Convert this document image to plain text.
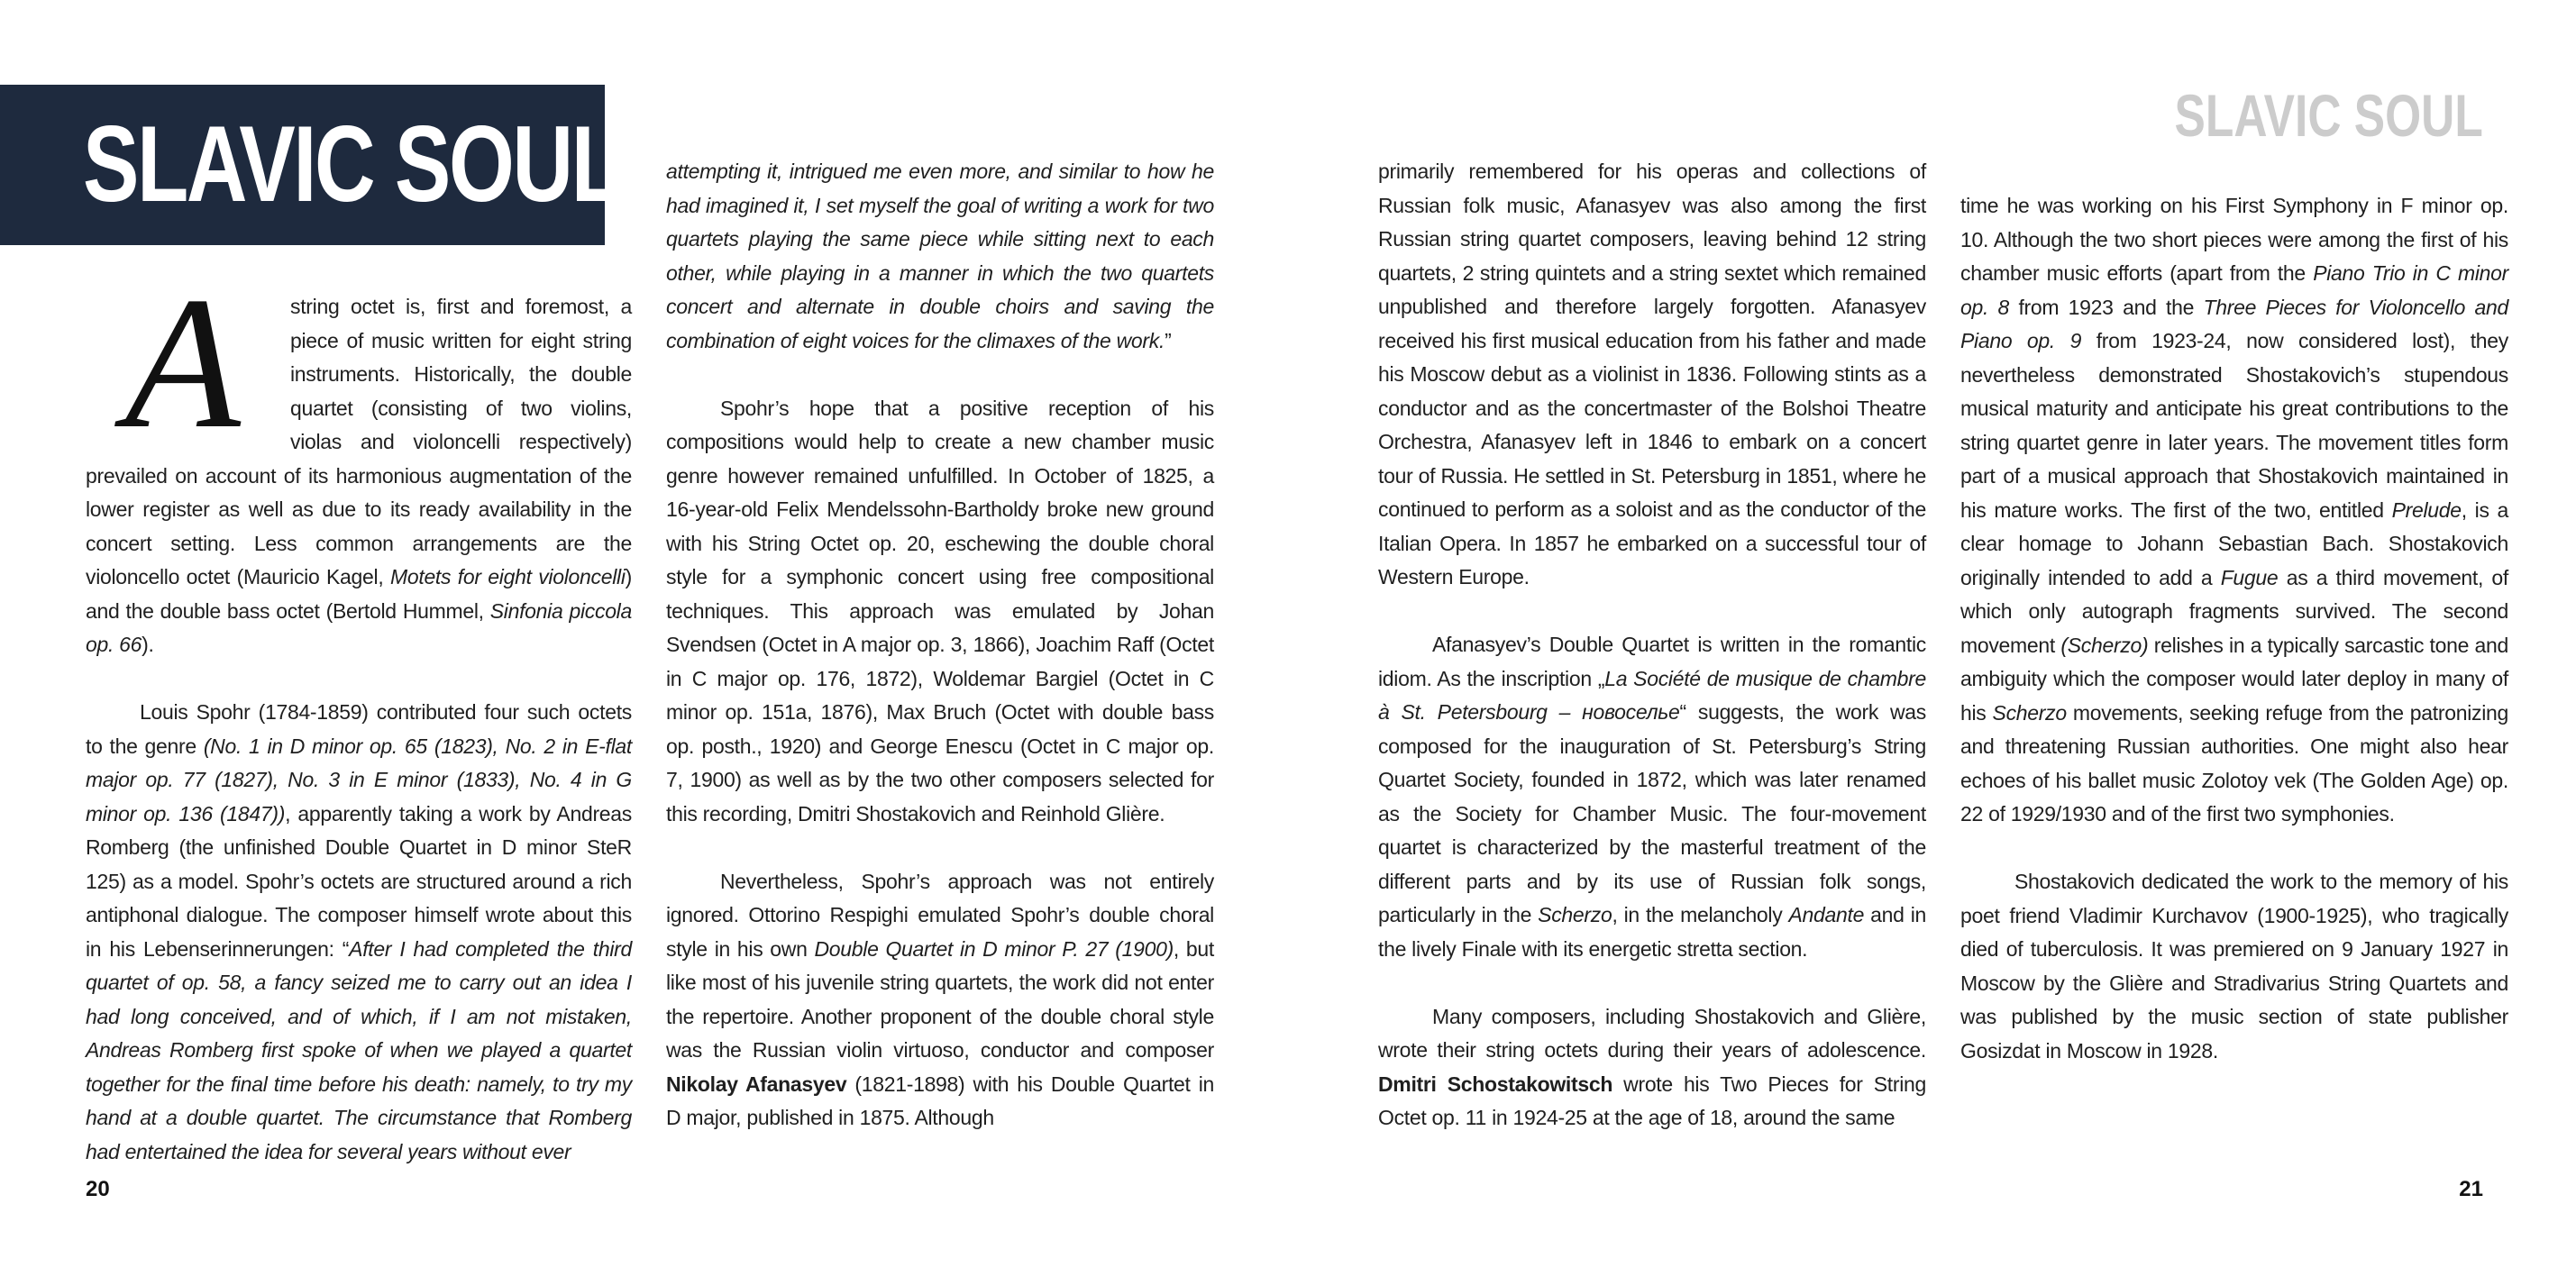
SLAVIC SOUL
A	string octet is, first and foremost, a piece of music written for eight string instruments. Historically, the double quartet (consisting of two violins, violas and violoncelli respectively) prevailed on account of its harmonious augmentation of the lower register as well as due to its ready availability in the concert setting. Less common arrangements are the violoncello octet (Mauricio Kagel, Motets for eight violoncelli) and the double bass octet (Bertold Hummel, Sinfonia piccola op. 66).

Louis Spohr (1784-1859) contributed four such octets to the genre (No. 1 in D minor op. 65 (1823), No. 2 in E-flat major op. 77 (1827), No. 3 in E minor (1833), No. 4 in G minor op. 136 (1847)), apparently taking a work by Andreas Romberg (the unfinished Double Quartet in D minor SteR 125) as a model. Spohr’s octets are structured around a rich antiphonal dialogue. The composer himself wrote about this in his Lebenserinnerungen: “After I had completed the third quartet of op. 58, a fancy seized me to carry out an idea I had long conceived, and of which, if I am not mistaken, Andreas Romberg first spoke of when we played a quartet together for the final time before his death: namely, to try my hand at a double quartet. The circumstance that Romberg had entertained the idea for several years without ever

attempting it, intrigued me even more, and similar to how he had imagined it, I set myself the goal of writing a work for two quartets playing the same piece while sitting next to each other, while playing in a manner in which the two quartets concert and alternate in double choirs and saving the combination of eight voices for the climaxes of the work.”

Spohr’s hope that a positive reception of his compositions would help to create a new chamber music genre however remained unfulfilled. In October of 1825, a 16-year-old Felix Mendelssohn-Bartholdy broke new ground with his String Octet op. 20, eschewing the double choral style for a symphonic concert using free compositional techniques. This approach was emulated by Johan Svendsen (Octet in A major op. 3, 1866), Joachim Raff (Octet in C major op. 176, 1872), Woldemar Bargiel (Octet in C minor op. 151a, 1876), Max Bruch (Octet with double bass op. posth., 1920) and George Enescu (Octet in C major op. 7, 1900) as well as by the two other composers selected for this recording, Dmitri Shostakovich and Reinhold Glière.

Nevertheless, Spohr’s approach was not entirely ignored. Ottorino Respighi emulated Spohr’s double choral style in his own Double Quartet in D minor P. 27 (1900), but like most of his juvenile string quartets, the work did not enter the repertoire. Another proponent of the double choral style was the Russian violin virtuoso, conductor and composer Nikolay Afanasyev (1821-1898) with his Double Quartet in D major, published in 1875. Although

20
SLAVIC SOUL

primarily remembered for his operas and collections of Russian folk music, Afanasyev was also among the first Russian string quartet composers, leaving behind 12 string quartets, 2 string quintets and a string sextet which remained unpublished and therefore largely forgotten. Afanasyev received his first musical education from his father and made his Moscow debut as a violinist in 1836. Following stints as a conductor and as the concertmaster of the Bolshoi Theatre Orchestra, Afanasyev left in 1846 to embark on a concert tour of Russia. He settled in St. Petersburg in 1851, where he continued to perform as a soloist and as the conductor of the Italian Opera. In 1857 he embarked on a successful tour of Western Europe.

Afanasyev’s Double Quartet is written in the romantic idiom. As the inscription „La Société de musique de chambre à St. Petersbourg – новоселье“ suggests, the work was composed for the inauguration of St. Petersburg’s String Quartet Society, founded in 1872, which was later renamed as the Society for Chamber Music. The four-movement quartet is characterized by the masterful treatment of the different parts and by its use of Russian folk songs, particularly in the Scherzo, in the melancholy Andante and in the lively Finale with its energetic stretta section.

Many composers, including Shostakovich and Glière, wrote their string octets during their years of adolescence. Dmitri Schostakowitsch wrote his Two Pieces for String Octet op. 11 in 1924-25 at the age of 18, around the same

time he was working on his First Symphony in F minor op. 10. Although the two short pieces were among the first of his chamber music efforts (apart from the Piano Trio in C minor op. 8 from 1923 and the Three Pieces for Violoncello and Piano op. 9 from 1923-24, now considered lost), they nevertheless demonstrated Shostakovich’s stupendous musical maturity and anticipate his great contributions to the string quartet genre in later years. The movement titles form part of a musical approach that Shostakovich maintained in his mature works. The first of the two, entitled Prelude, is a clear homage to Johann Sebastian Bach. Shostakovich originally intended to add a Fugue as a third movement, of which only autograph fragments survived. The second movement (Scherzo) relishes in a typically sarcastic tone and ambiguity which the composer would later deploy in many of his Scherzo movements, seeking refuge from the patronizing and threatening Russian authorities. One might also hear echoes of his ballet music Zolotoy vek (The Golden Age) op. 22 of 1929/1930 and of the first two symphonies.

Shostakovich dedicated the work to the memory of his poet friend Vladimir Kurchavov (1900-1925), who tragically died of tuberculosis. It was premiered on 9 January 1927 in Moscow by the Glière and Stradivarius String Quartets and was published by the music section of state publisher Gosizdat in Moscow in 1928.

21
